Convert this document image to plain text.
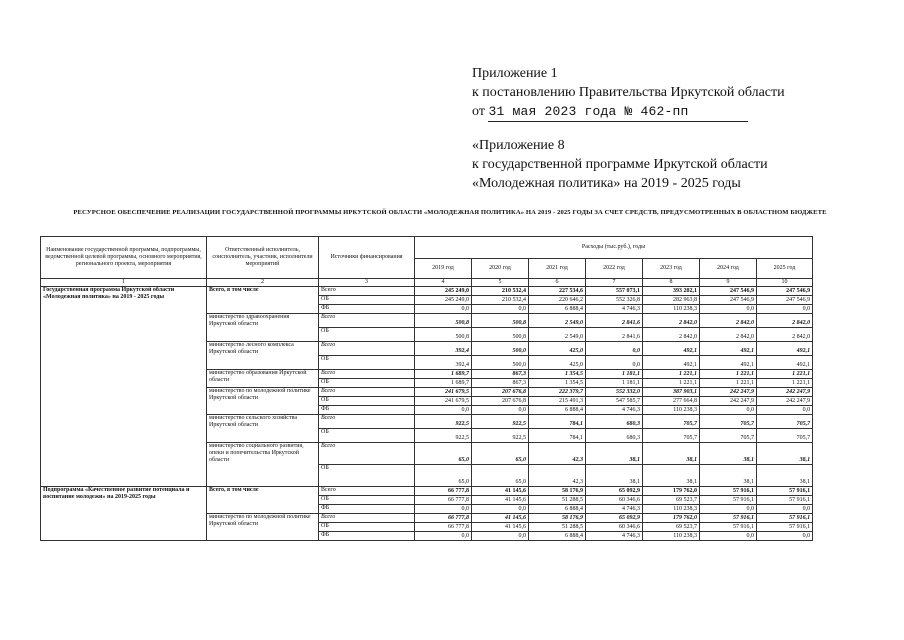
Приложение 1
к постановлению Правительства Иркутской области
от 31 мая 2023 года № 462-пп
«Приложение 8
к государственной программе Иркутской области
«Молодежная политика» на 2019 - 2025 годы
РЕСУРСНОЕ ОБЕСПЕЧЕНИЕ РЕАЛИЗАЦИИ ГОСУДАРСТВЕННОЙ ПРОГРАММЫ ИРКУТСКОЙ ОБЛАСТИ «МОЛОДЕЖНАЯ ПОЛИТИКА» НА 2019 - 2025 ГОДЫ ЗА СЧЕТ СРЕДСТВ, ПРЕДУСМОТРЕННЫХ В ОБЛАСТНОМ БЮДЖЕТЕ
Наименование государственной программы, подпрограммы, ведомственной целевой программы, основного мероприятия, регионального проекта, мероприятия	Ответственный исполнитель, соисполнитель, участник, исполнители мероприятий	Источники финансирования	Расходы (тыс.руб.), годы						
			2019 год	2020 год	2021 год	2022 год	2023 год	2024 год	2025 год
1	2	3	4	5	6	7	8	9	10
Государственная программа Иркутской области «Молодежная политика» на 2019 - 2025 годы	Всего, в том числе	Всего	245 249,0	210 532,4	227 534,6	557 073,1	393 202,1	247 546,9	247 546,9
		ОБ	245 249,0	210 532,4	220 646,2	552 326,8	282 963,8	247 546,9	247 546,9
		ФБ	0,0	0,0	6 888,4	4 746,3	110 238,3	0,0	0,0
	министерство здравоохранения Иркутской области	Всего	500,8	500,8	2 549,0	2 841,6	2 842,0	2 842,0	2 842,0
		ОБ	500,8	500,8	2 549,0	2 841,6	2 842,0	2 842,0	2 842,0
	министерство лесного комплекса Иркутской области	Всего	392,4	500,0	425,0	0,0	492,1	492,1	492,1
		ОБ	392,4	500,0	425,0	0,0	492,1	492,1	492,1
	министерство образования Иркутской области	Всего	1 689,7	867,3	1 354,5	1 181,1	1 221,1	1 221,1	1 221,1
		ОБ	1 689,7	867,3	1 354,5	1 181,1	1 221,1	1 221,1	1 221,1
	министерство по молодежной политике Иркутской области	Всего	241 679,5	207 676,8	222 379,7	552 332,0	387 903,1	242 247,9	242 247,9
		ОБ	241 679,5	207 676,8	215 491,3	547 585,7	277 664,8	242 247,9	242 247,9
		ФБ	0,0	0,0	6 888,4	4 746,3	110 238,3	0,0	0,0
	министерство сельского хозяйства Иркутской области	Всего	922,5	922,5	784,1	680,3	705,7	705,7	705,7
		ОБ	922,5	922,5	784,1	680,3	705,7	705,7	705,7
	министерство социального развития, опеки и попечительства Иркутской области	Всего	65,0	65,0	42,3	38,1	38,1	38,1	38,1
		ОБ	65,0	65,0	42,3	38,1	38,1	38,1	38,1
Подпрограмма «Качественное развитие потенциала и воспитание молодежи» на 2019-2025 годы	Всего, в том числе	Всего	66 777,8	41 145,6	58 176,9	65 092,9	179 762,0	57 916,1	57 916,1
		ОБ	66 777,8	41 145,6	51 288,5	60 346,6	69 523,7	57 916,1	57 916,1
		ФБ	0,0	0,0	6 888,4	4 746,3	110 238,3	0,0	0,0
	министерство по молодежной политике Иркутской области	Всего	66 777,8	41 145,6	58 176,9	65 092,9	179 762,0	57 916,1	57 916,1
		ОБ	66 777,8	41 145,6	51 288,5	60 346,6	69 523,7	57 916,1	57 916,1
		ФБ	0,0	0,0	6 888,4	4 746,3	110 238,3	0,0	0,0
